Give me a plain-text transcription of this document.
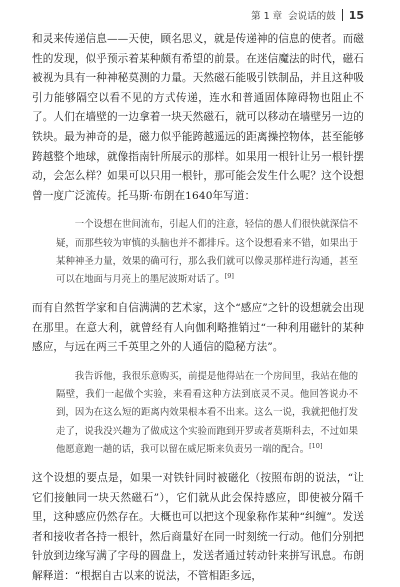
第 1 章 会说话的鼓 15

和灵来传递信息——天使，顾名思义，就是传递神的信息的使者。而磁性的发现，似乎预示着某种颇有希望的前景。在迷信魔法的时代，磁石被视为具有一种神秘莫测的力量。天然磁石能吸引铁制品，并且这种吸引力能够隔空以看不见的方式传递，连水和普通固体障碍物也阻止不了。人们在墙壁的一边拿着一块天然磁石，就可以移动在墙壁另一边的铁块。最为神奇的是，磁力似乎能跨越遥远的距离操控物体，甚至能够跨越整个地球，就像指南针所展示的那样。如果用一根针让另一根针摆动，会怎么样？如果可以只用一根针，那可能会发生什么呢？这个设想曾一度广泛流传。托马斯·布朗在1640年写道：

一个设想在世间流布，引起人们的注意，轻信的愚人们很快就深信不疑，而那些较为审慎的头脑也并不都排斥。这个设想看来不错，如果出于某种神圣力量，效果的确可行，那么我们就可以像灵那样进行沟通，甚至可以在地面与月亮上的墨尼波斯对话了。[9]

而有自然哲学家和自信满满的艺术家，这个“感应”之针的设想就会出现在那里。在意大利，就曾经有人向伽利略推销过“一种利用磁针的某种感应，与远在两三千英里之外的人通信的隐秘方法”。

我告诉他，我很乐意购买，前提是他得站在一个房间里，我站在他的隔壁，我们一起做个实验，来看看这种方法到底灵不灵。他回答说办不到，因为在这么短的距离内效果根本看不出来。这么一说，我就把他打发走了，说我没兴趣为了做成这个实验而跑到开罗或者莫斯科去，不过如果他愿意跑一趟的话，我可以留在威尼斯来负责另一端的配合。[10]

这个设想的要点是，如果一对铁针同时被磁化（按照布朗的说法，“让它们接触同一块天然磁石”），它们就从此会保持感应，即使被分隔千里，这种感应仍然存在。大概也可以把这个现象称作某种“纠缠”。发送者和接收者各持一根针，然后商量好在同一时刻统一行动。他们分别把针放到边缘写满了字母的圆盘上，发送者通过转动针来拼写讯息。布朗解释道：“根据自古以来的说法，不管相距多远，
